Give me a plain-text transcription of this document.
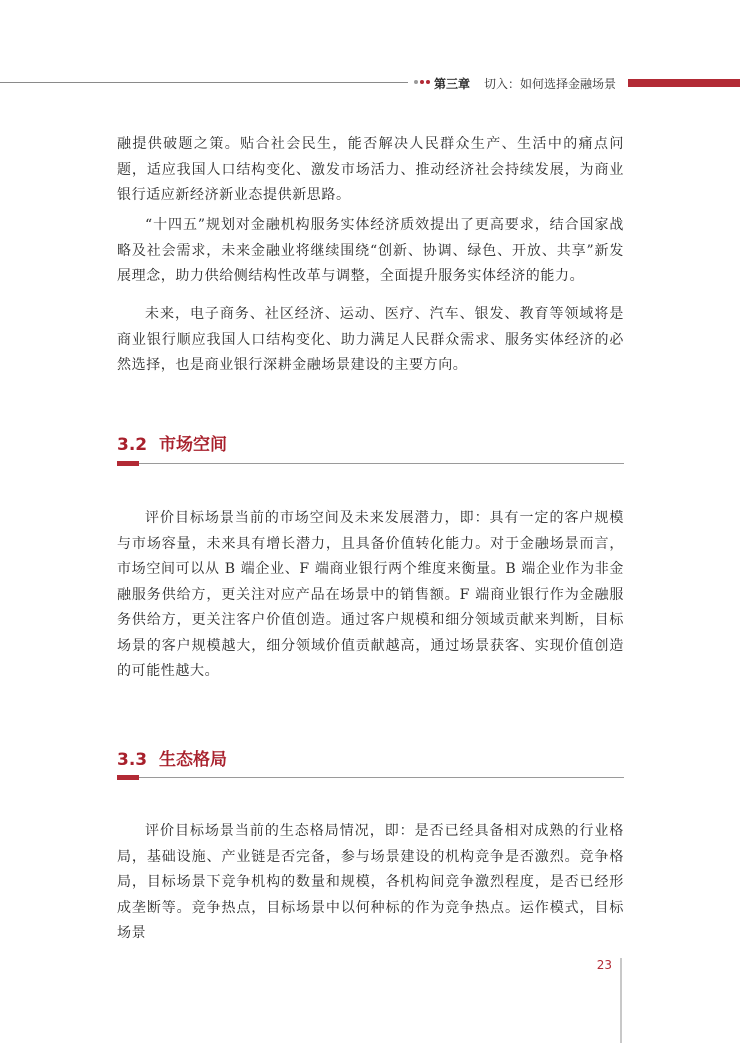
第三章 切入：如何选择金融场景

融提供破题之策。贴合社会民生，能否解决人民群众生产、生活中的痛点问题，适应我国人口结构变化、激发市场活力、推动经济社会持续发展，为商业银行适应新经济新业态提供新思路。

“十四五”规划对金融机构服务实体经济质效提出了更高要求，结合国家战略及社会需求，未来金融业将继续围绕“创新、协调、绿色、开放、共享”新发展理念，助力供给侧结构性改革与调整，全面提升服务实体经济的能力。

未来，电子商务、社区经济、运动、医疗、汽车、银发、教育等领域将是商业银行顺应我国人口结构变化、助力满足人民群众需求、服务实体经济的必然选择，也是商业银行深耕金融场景建设的主要方向。

3.2 市场空间

评价目标场景当前的市场空间及未来发展潜力，即：具有一定的客户规模与市场容量，未来具有增长潜力，且具备价值转化能力。对于金融场景而言，市场空间可以从 B 端企业、F 端商业银行两个维度来衡量。B 端企业作为非金融服务供给方，更关注对应产品在场景中的销售额。F 端商业银行作为金融服务供给方，更关注客户价值创造。通过客户规模和细分领域贡献来判断，目标场景的客户规模越大，细分领域价值贡献越高，通过场景获客、实现价值创造的可能性越大。

3.3 生态格局

评价目标场景当前的生态格局情况，即：是否已经具备相对成熟的行业格局，基础设施、产业链是否完备，参与场景建设的机构竞争是否激烈。竞争格局，目标场景下竞争机构的数量和规模，各机构间竞争激烈程度，是否已经形成垄断等。竞争热点，目标场景中以何种标的作为竞争热点。运作模式，目标场景

23
